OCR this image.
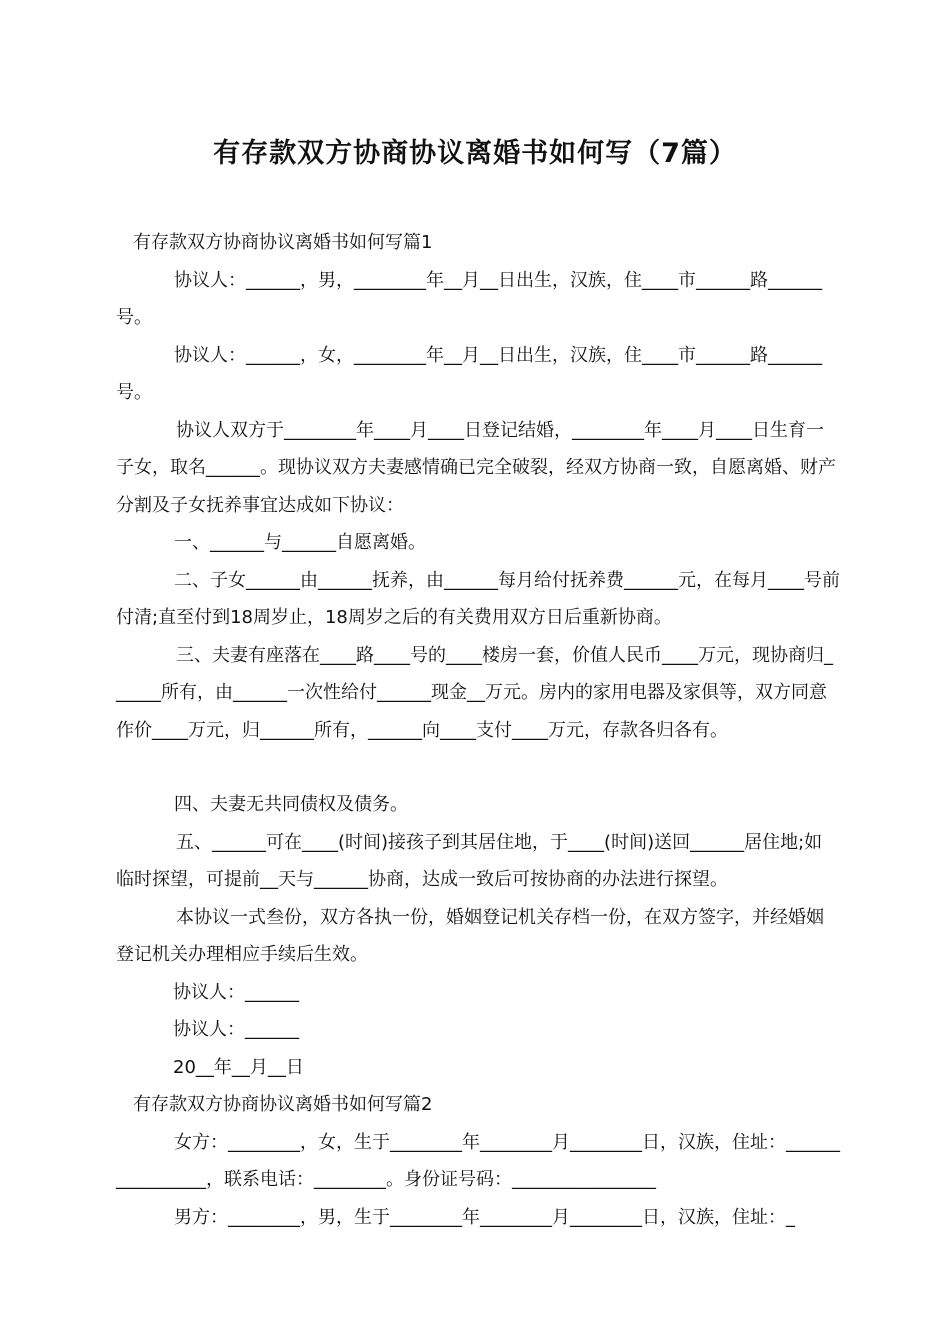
有存款双方协商协议离婚书如何写（7篇）

有存款双方协商协议离婚书如何写篇1

协议人：______，男，________年__月__日出生，汉族，住____市______路______号。

协议人：______，女，________年__月__日出生，汉族，住____市______路______号。

协议人双方于________年____月____日登记结婚，________年____月____日生育一子女，取名______。现协议双方夫妻感情确已完全破裂，经双方协商一致，自愿离婚、财产分割及子女抚养事宜达成如下协议：

一、______与______自愿离婚。

二、子女______由______抚养，由______每月给付抚养费______元，在每月____号前付清;直至付到18周岁止，18周岁之后的有关费用双方日后重新协商。

三、夫妻有座落在____路____号的____楼房一套，价值人民币____万元，现协商归______所有，由______一次性给付______现金__万元。房内的家用电器及家俱等，双方同意作价____万元，归______所有，______向____支付____万元，存款各归各有。

四、夫妻无共同债权及债务。

五、______可在____(时间)接孩子到其居住地，于____(时间)送回______居住地;如临时探望，可提前__天与______协商，达成一致后可按协商的办法进行探望。

本协议一式叁份，双方各执一份，婚姻登记机关存档一份，在双方签字，并经婚姻登记机关办理相应手续后生效。

协议人：______

协议人：______

20__年__月__日

有存款双方协商协议离婚书如何写篇2

女方：________，女，生于________年________月________日，汉族，住址：________________，联系电话：________。身份证号码：________________

男方：________，男，生于________年________月________日，汉族，住址：_
